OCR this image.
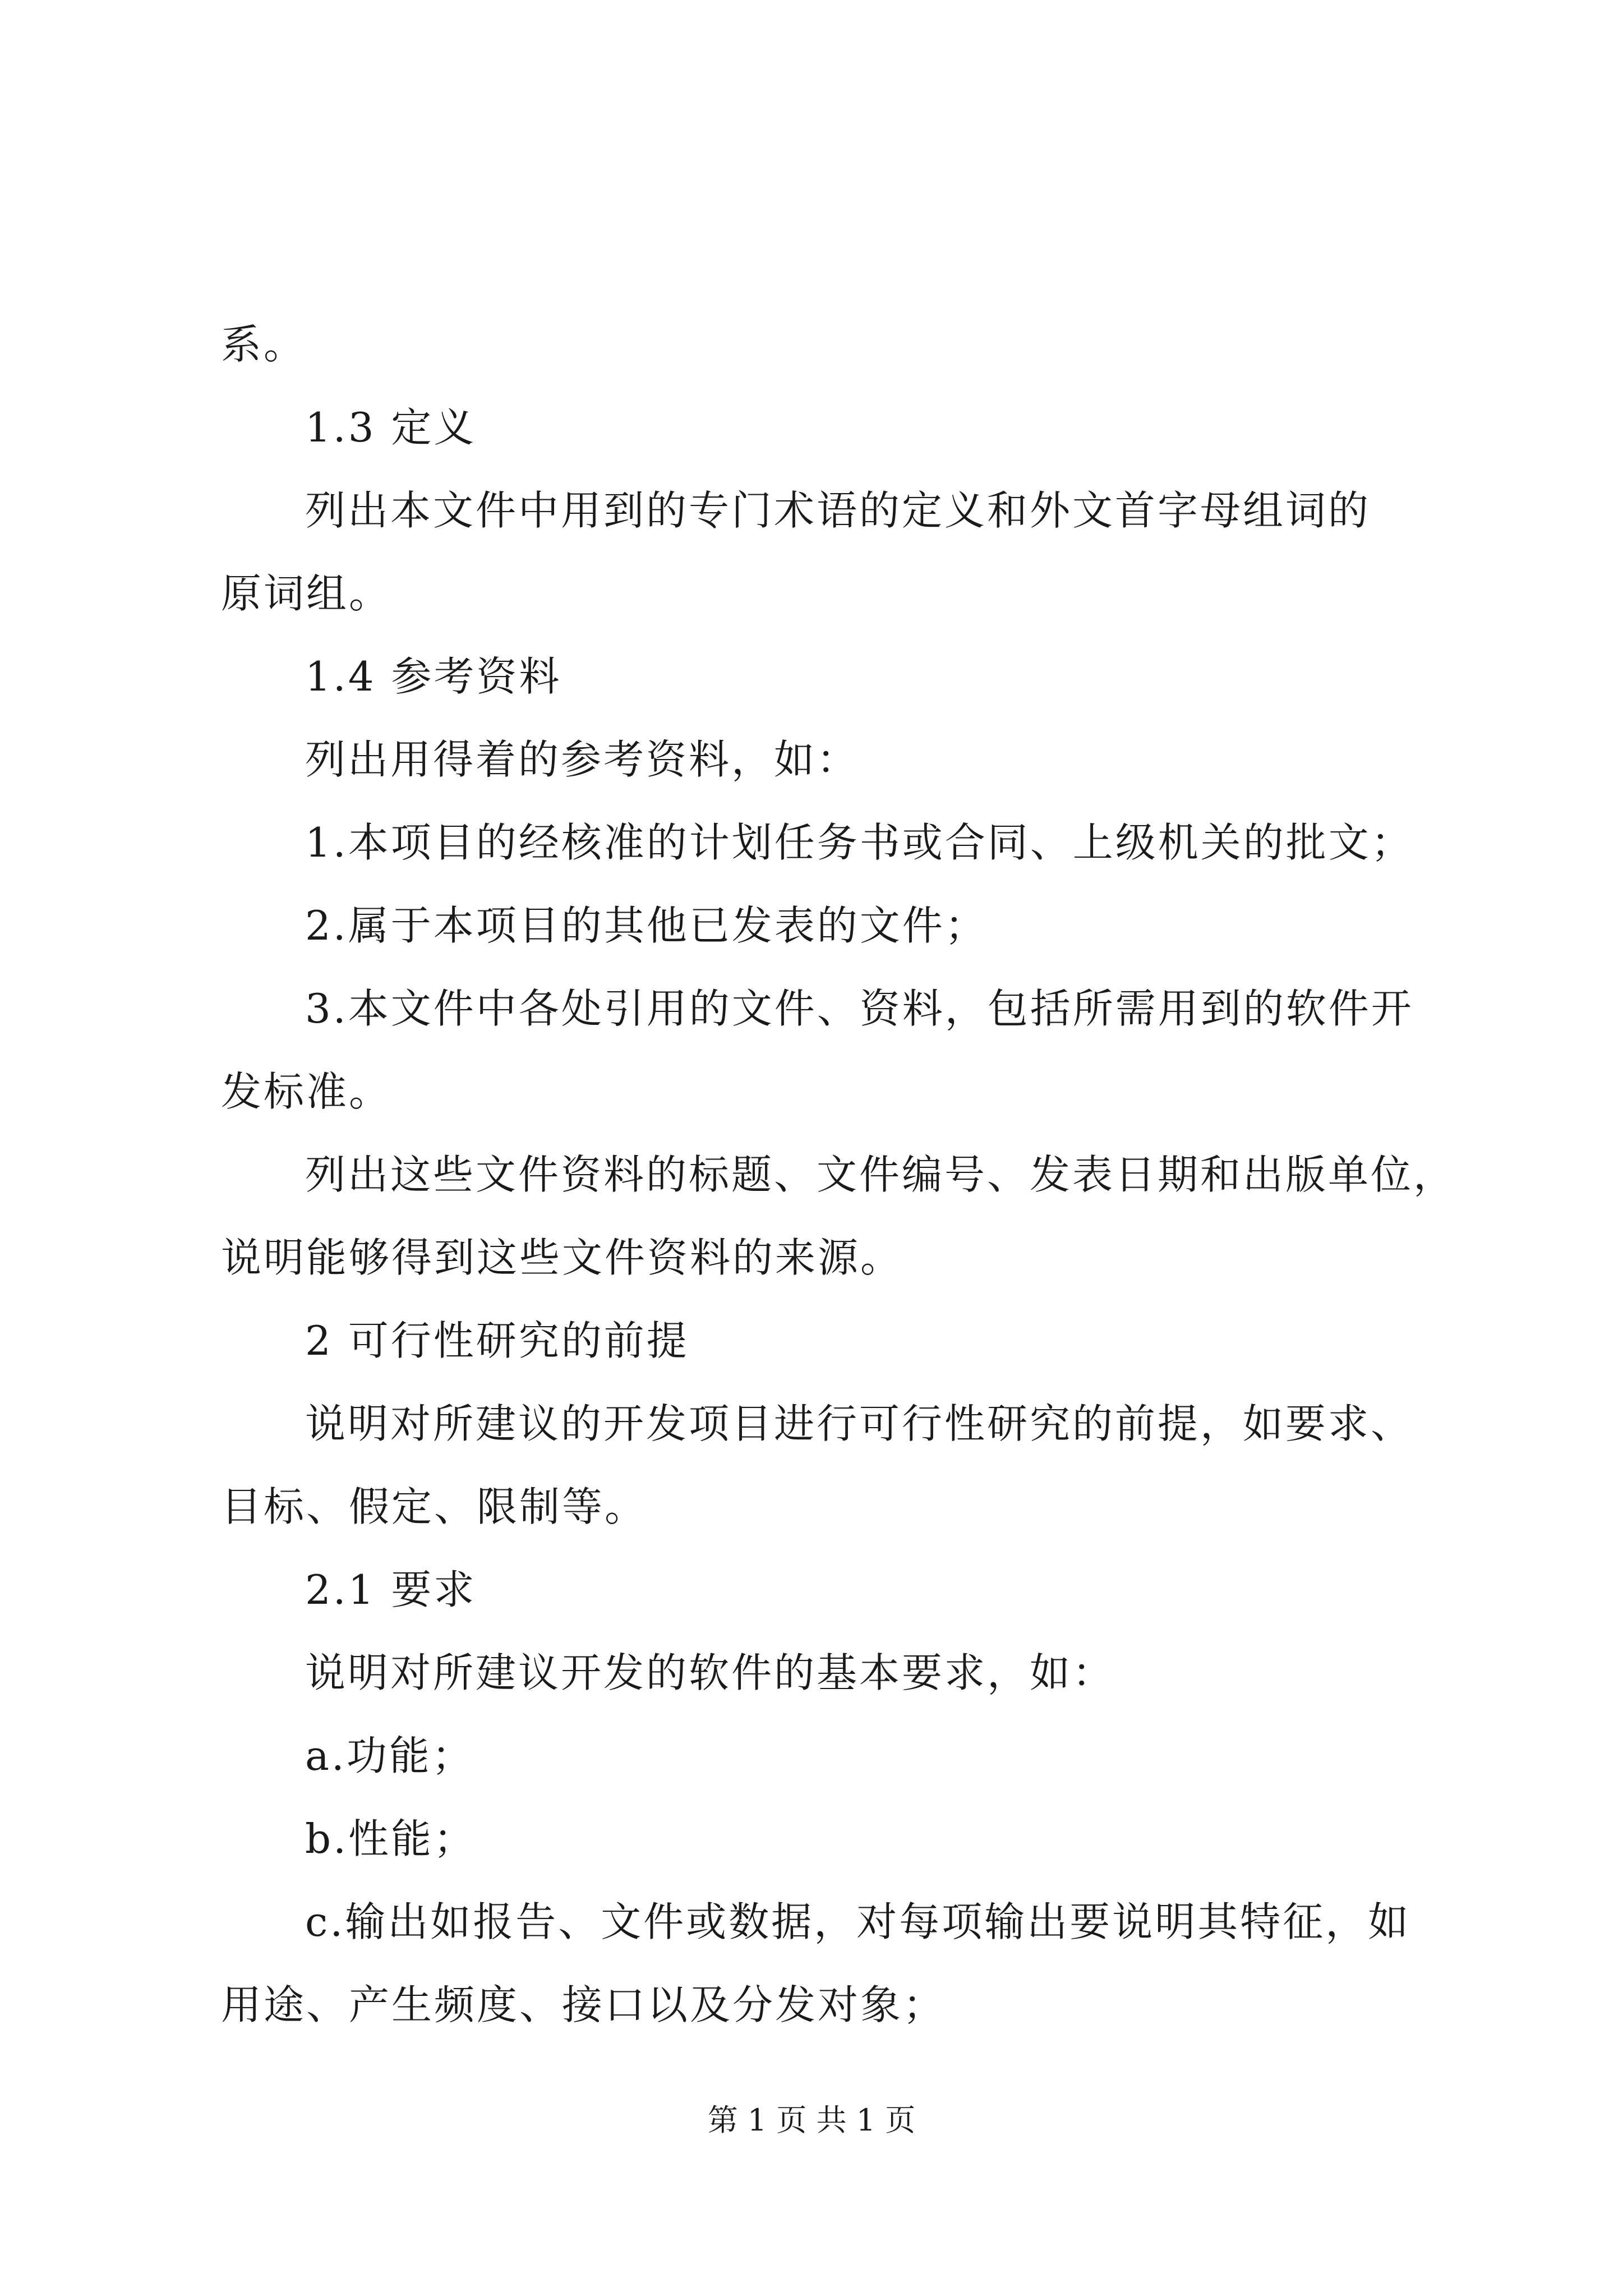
系。
1.3 定义
列出本文件中用到的专门术语的定义和外文首字母组词的
原词组。
1.4 参考资料
列出用得着的参考资料，如：
1.本项目的经核准的计划任务书或合同、上级机关的批文；
2.属于本项目的其他已发表的文件；
3.本文件中各处引用的文件、资料，包括所需用到的软件开
发标准。
列出这些文件资料的标题、文件编号、发表日期和出版单位，
说明能够得到这些文件资料的来源。
2 可行性研究的前提
说明对所建议的开发项目进行可行性研究的前提，如要求、
目标、假定、限制等。
2.1 要求
说明对所建议开发的软件的基本要求，如：
a.功能；
b.性能；
c.输出如报告、文件或数据，对每项输出要说明其特征，如
用途、产生频度、接口以及分发对象；
第 1 页 共 1 页
